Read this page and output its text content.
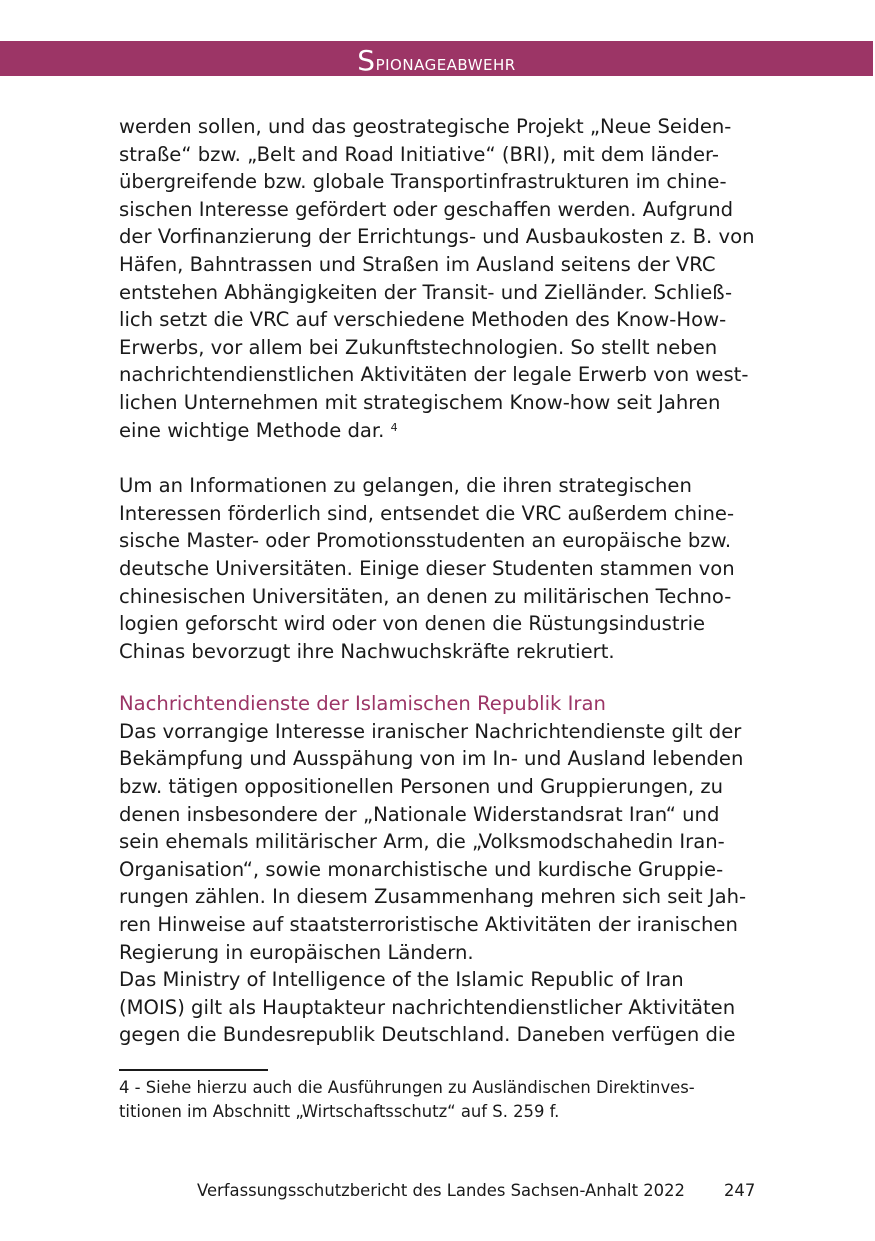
Spionageabwehr

werden sollen, und das geostrategische Projekt „Neue Seiden-
straße“ bzw. „Belt and Road Initiative“ (BRI), mit dem länder-
übergreifende bzw. globale Transportinfrastrukturen im chine-
sischen Interesse gefördert oder geschaffen werden. Aufgrund
der Vorfinanzierung der Errichtungs- und Ausbaukosten z. B. von
Häfen, Bahntrassen und Straßen im Ausland seitens der VRC
entstehen Abhängigkeiten der Transit- und Zielländer. Schließ-
lich setzt die VRC auf verschiedene Methoden des Know-How-
Erwerbs, vor allem bei Zukunftstechnologien. So stellt neben
nachrichtendienstlichen Aktivitäten der legale Erwerb von west-
lichen Unternehmen mit strategischem Know-how seit Jahren
eine wichtige Methode dar. $^4$

Um an Informationen zu gelangen, die ihren strategischen
Interessen förderlich sind, entsendet die VRC außerdem chine-
sische Master- oder Promotionsstudenten an europäische bzw.
deutsche Universitäten. Einige dieser Studenten stammen von
chinesischen Universitäten, an denen zu militärischen Techno-
logien geforscht wird oder von denen die Rüstungsindustrie
Chinas bevorzugt ihre Nachwuchskräfte rekrutiert.

Nachrichtendienste der Islamischen Republik Iran
Das vorrangige Interesse iranischer Nachrichtendienste gilt der
Bekämpfung und Ausspähung von im In- und Ausland lebenden
bzw. tätigen oppositionellen Personen und Gruppierungen, zu
denen insbesondere der „Nationale Widerstandsrat Iran“ und
sein ehemals militärischer Arm, die „Volksmodschahedin Iran-
Organisation“, sowie monarchistische und kurdische Gruppie-
rungen zählen. In diesem Zusammenhang mehren sich seit Jah-
ren Hinweise auf staatsterroristische Aktivitäten der iranischen
Regierung in europäischen Ländern.

Das Ministry of Intelligence of the Islamic Republic of Iran
(MOIS) gilt als Hauptakteur nachrichtendienstlicher Aktivitäten
gegen die Bundesrepublik Deutschland. Daneben verfügen die

4 - Siehe hierzu auch die Ausführungen zu Ausländischen Direktinves-
titionen im Abschnitt „Wirtschaftsschutz“ auf S. 259 f.
Verfassungsschutzbericht des Landes Sachsen-Anhalt 2022 247
